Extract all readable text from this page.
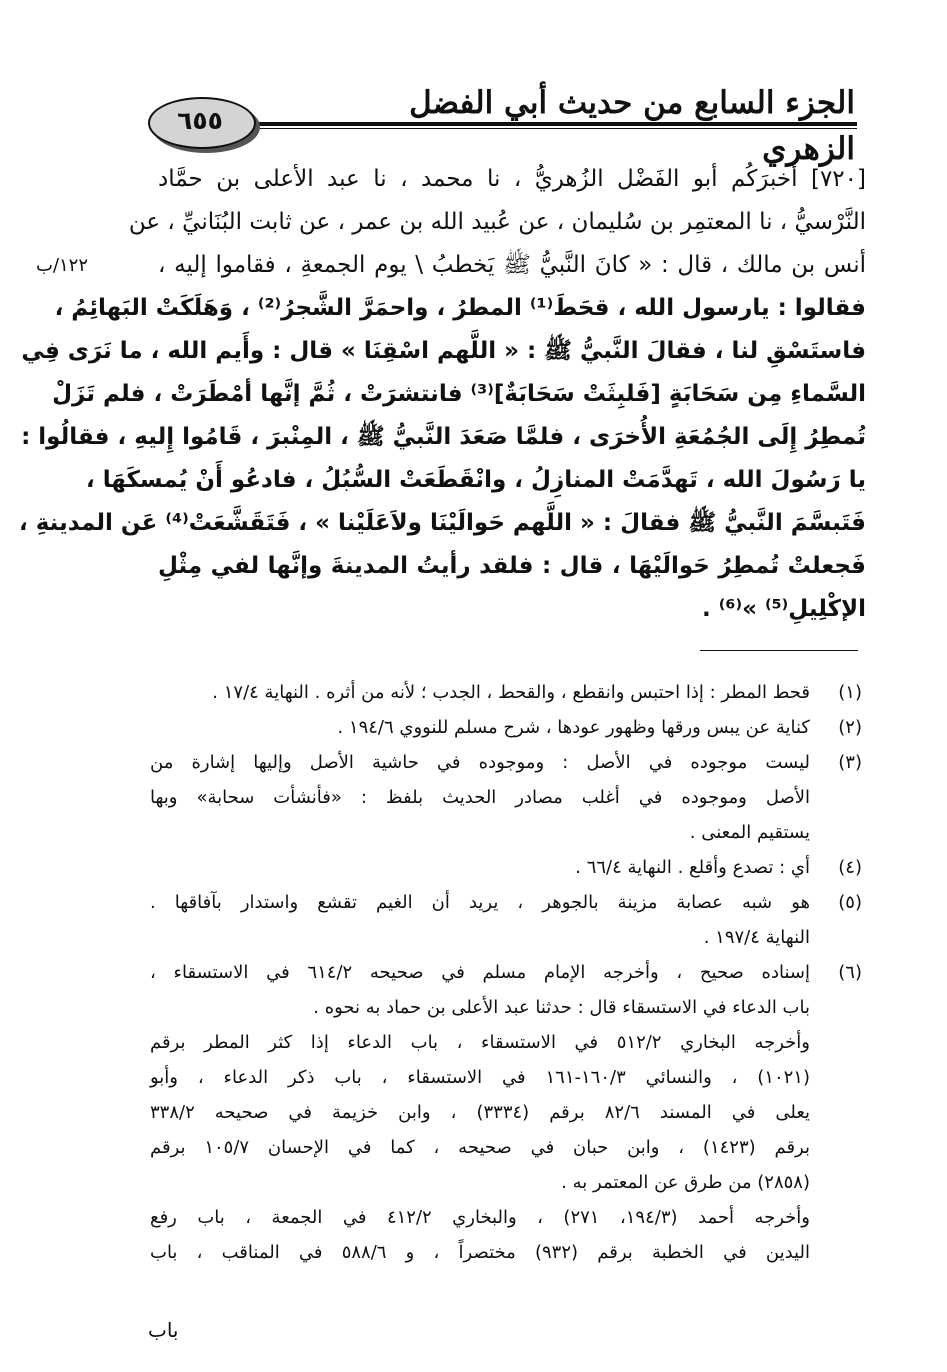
الجزء السابع من حديث أبي الفضل الزهري
٦٥٥
١٢٢/ب
[٧٢٠] أخبرَكُم أبو الفَضْل الزُهريُّ ، نا محمد ، نا عبد الأعلى بن حمَّاد
النَّرْسيُّ ، نا المعتمِر بن سُليمان ، عن عُبيد الله بن عمر ، عن ثابت البُنَانيِّ ، عن
أنس بن مالك ، قال : « كانَ النَّبيُّ ﷺ يَخطبُ \ يوم الجمعةِ ، فقاموا إليه ،
فقالوا : يارسول الله ، قحَطَ⁽¹⁾ المطرُ ، واحمَرَّ الشَّجرُ⁽²⁾ ، وَهَلَكَتْ البَهائِمُ ،
فاستَسْقِ لنا ، فقالَ النَّبيُّ ﷺ : « اللَّهم اسْقِنَا » قال : وأَيم الله ، ما نَرَى فِي
السَّماءِ مِن سَحَابَةٍ [فَلبِثَتْ سَحَابَةٌ]⁽³⁾ فانتشرَتْ ، ثُمَّ إنَّها أمْطَرَتْ ، فلم تَزَلْ
تُمطِرُ إِلَى الجُمُعَةِ الأُخرَى ، فلمَّا صَعَدَ النَّبيُّ ﷺ ، المِنْبرَ ، قَامُوا إِليهِ ، فقالُوا :
يا رَسُولَ الله ، تَهدَّمَتْ المنازِلُ ، وانْقَطَعَتْ السُّبُلُ ، فادعُو أَنْ يُمسكَهَا ،
فَتَبسَّمَ النَّبيُّ ﷺ فقالَ : « اللَّهم حَوالَيْنَا ولاَعَلَيْنا » ، فَتَقَشَّعَتْ⁽⁴⁾ عَن المدينةِ ،
فَجعلتْ تُمطِرُ حَوالَيْهَا ، قال : فلقد رأيتُ المدينةَ وإنَّها لفي مِثْلِ
الإكْلِيلِ⁽⁵⁾ »⁽⁶⁾ .
(١)
قحط المطر : إذا احتبس وانقطع ، والقحط ، الجدب ؛ لأنه من أثره . النهاية ١٧/٤ .
(٢)
كناية عن يبس ورقها وظهور عودها ، شرح مسلم للنووي ١٩٤/٦ .
(٣)
ليست موجوده في الأصل : وموجوده في حاشية الأصل وإليها إشارة من
الأصل وموجوده في أغلب مصادر الحديث بلفظ : «فأنشأت سحابة» وبها
يستقيم المعنى .
(٤)
أي : تصدع وأقلع . النهاية ٦٦/٤ .
(٥)
هو شبه عصابة مزينة بالجوهر ، يريد أن الغيم تقشع واستدار بآفاقها .
النهاية ١٩٧/٤ .
(٦)
إسناده صحيح ، وأخرجه الإمام مسلم في صحيحه ٦١٤/٢ في الاستسقاء ،
باب الدعاء في الاستسقاء قال : حدثنا عبد الأعلى بن حماد به نحوه .
وأخرجه البخاري ٥١٢/٢ في الاستسقاء ، باب الدعاء إذا كثر المطر برقم
(١٠٢١) ، والنسائي ١٦٠/٣-١٦١ في الاستسقاء ، باب ذكر الدعاء ، وأبو
يعلى في المسند ٨٢/٦ برقم (٣٣٣٤) ، وابن خزيمة في صحيحه ٣٣٨/٢
برقم (١٤٢٣) ، وابن حبان في صحيحه ، كما في الإحسان ١٠٥/٧ برقم
(٢٨٥٨) من طرق عن المعتمر به .
وأخرجه أحمد (١٩٤/٣، ٢٧١) ، والبخاري ٤١٢/٢ في الجمعة ، باب رفع
اليدين في الخطبة برقم (٩٣٢) مختصراً ، و ٥٨٨/٦ في المناقب ، باب
باب
